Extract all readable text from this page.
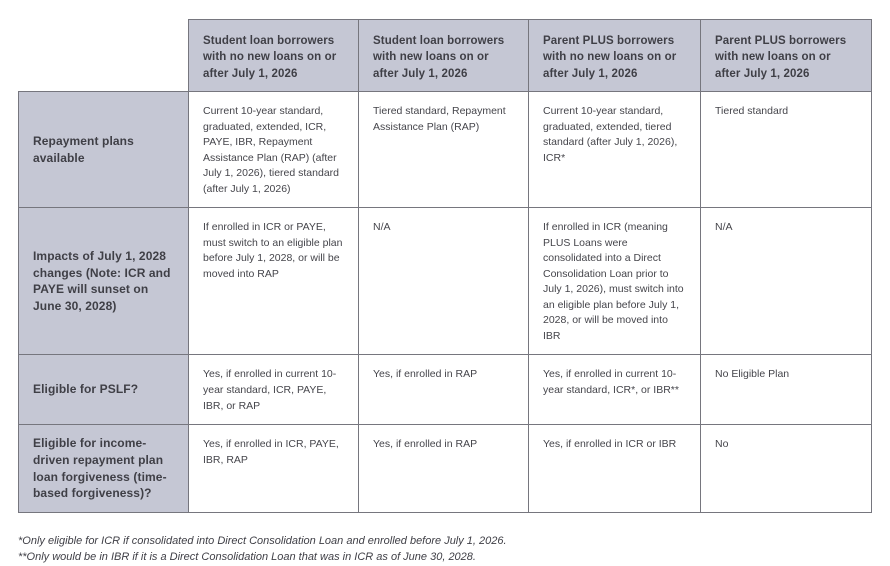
	Student loan borrowers with no new loans on or after July 1, 2026	Student loan borrowers with new loans on or after July 1, 2026	Parent PLUS borrowers with no new loans on or after July 1, 2026	Parent PLUS borrowers with new loans on or after July 1, 2026
Repayment plans available	Current 10-year standard, graduated, extended, ICR, PAYE, IBR, Repayment Assistance Plan (RAP) (after July 1, 2026), tiered standard (after July 1, 2026)	Tiered standard, Repayment Assistance Plan (RAP)	Current 10-year standard, graduated, extended, tiered standard (after July 1, 2026), ICR*	Tiered standard
Impacts of July 1, 2028 changes (Note: ICR and PAYE will sunset on June 30, 2028)	If enrolled in ICR or PAYE, must switch to an eligible plan before July 1, 2028, or will be moved into RAP	N/A	If enrolled in ICR (meaning PLUS Loans were consolidated into a Direct Consolidation Loan prior to July 1, 2026), must switch into an eligible plan before July 1, 2028, or will be moved into IBR	N/A
Eligible for PSLF?	Yes, if enrolled in current 10-year standard, ICR, PAYE, IBR, or RAP	Yes, if enrolled in RAP	Yes, if enrolled in current 10-year standard, ICR*, or IBR**	No Eligible Plan
Eligible for income-driven repayment plan loan forgiveness (time-based forgiveness)?	Yes, if enrolled in ICR, PAYE, IBR, RAP	Yes, if enrolled in RAP	Yes, if enrolled in ICR or IBR	No
*Only eligible for ICR if consolidated into Direct Consolidation Loan and enrolled before July 1, 2026.
**Only would be in IBR if it is a Direct Consolidation Loan that was in ICR as of June 30, 2028.
